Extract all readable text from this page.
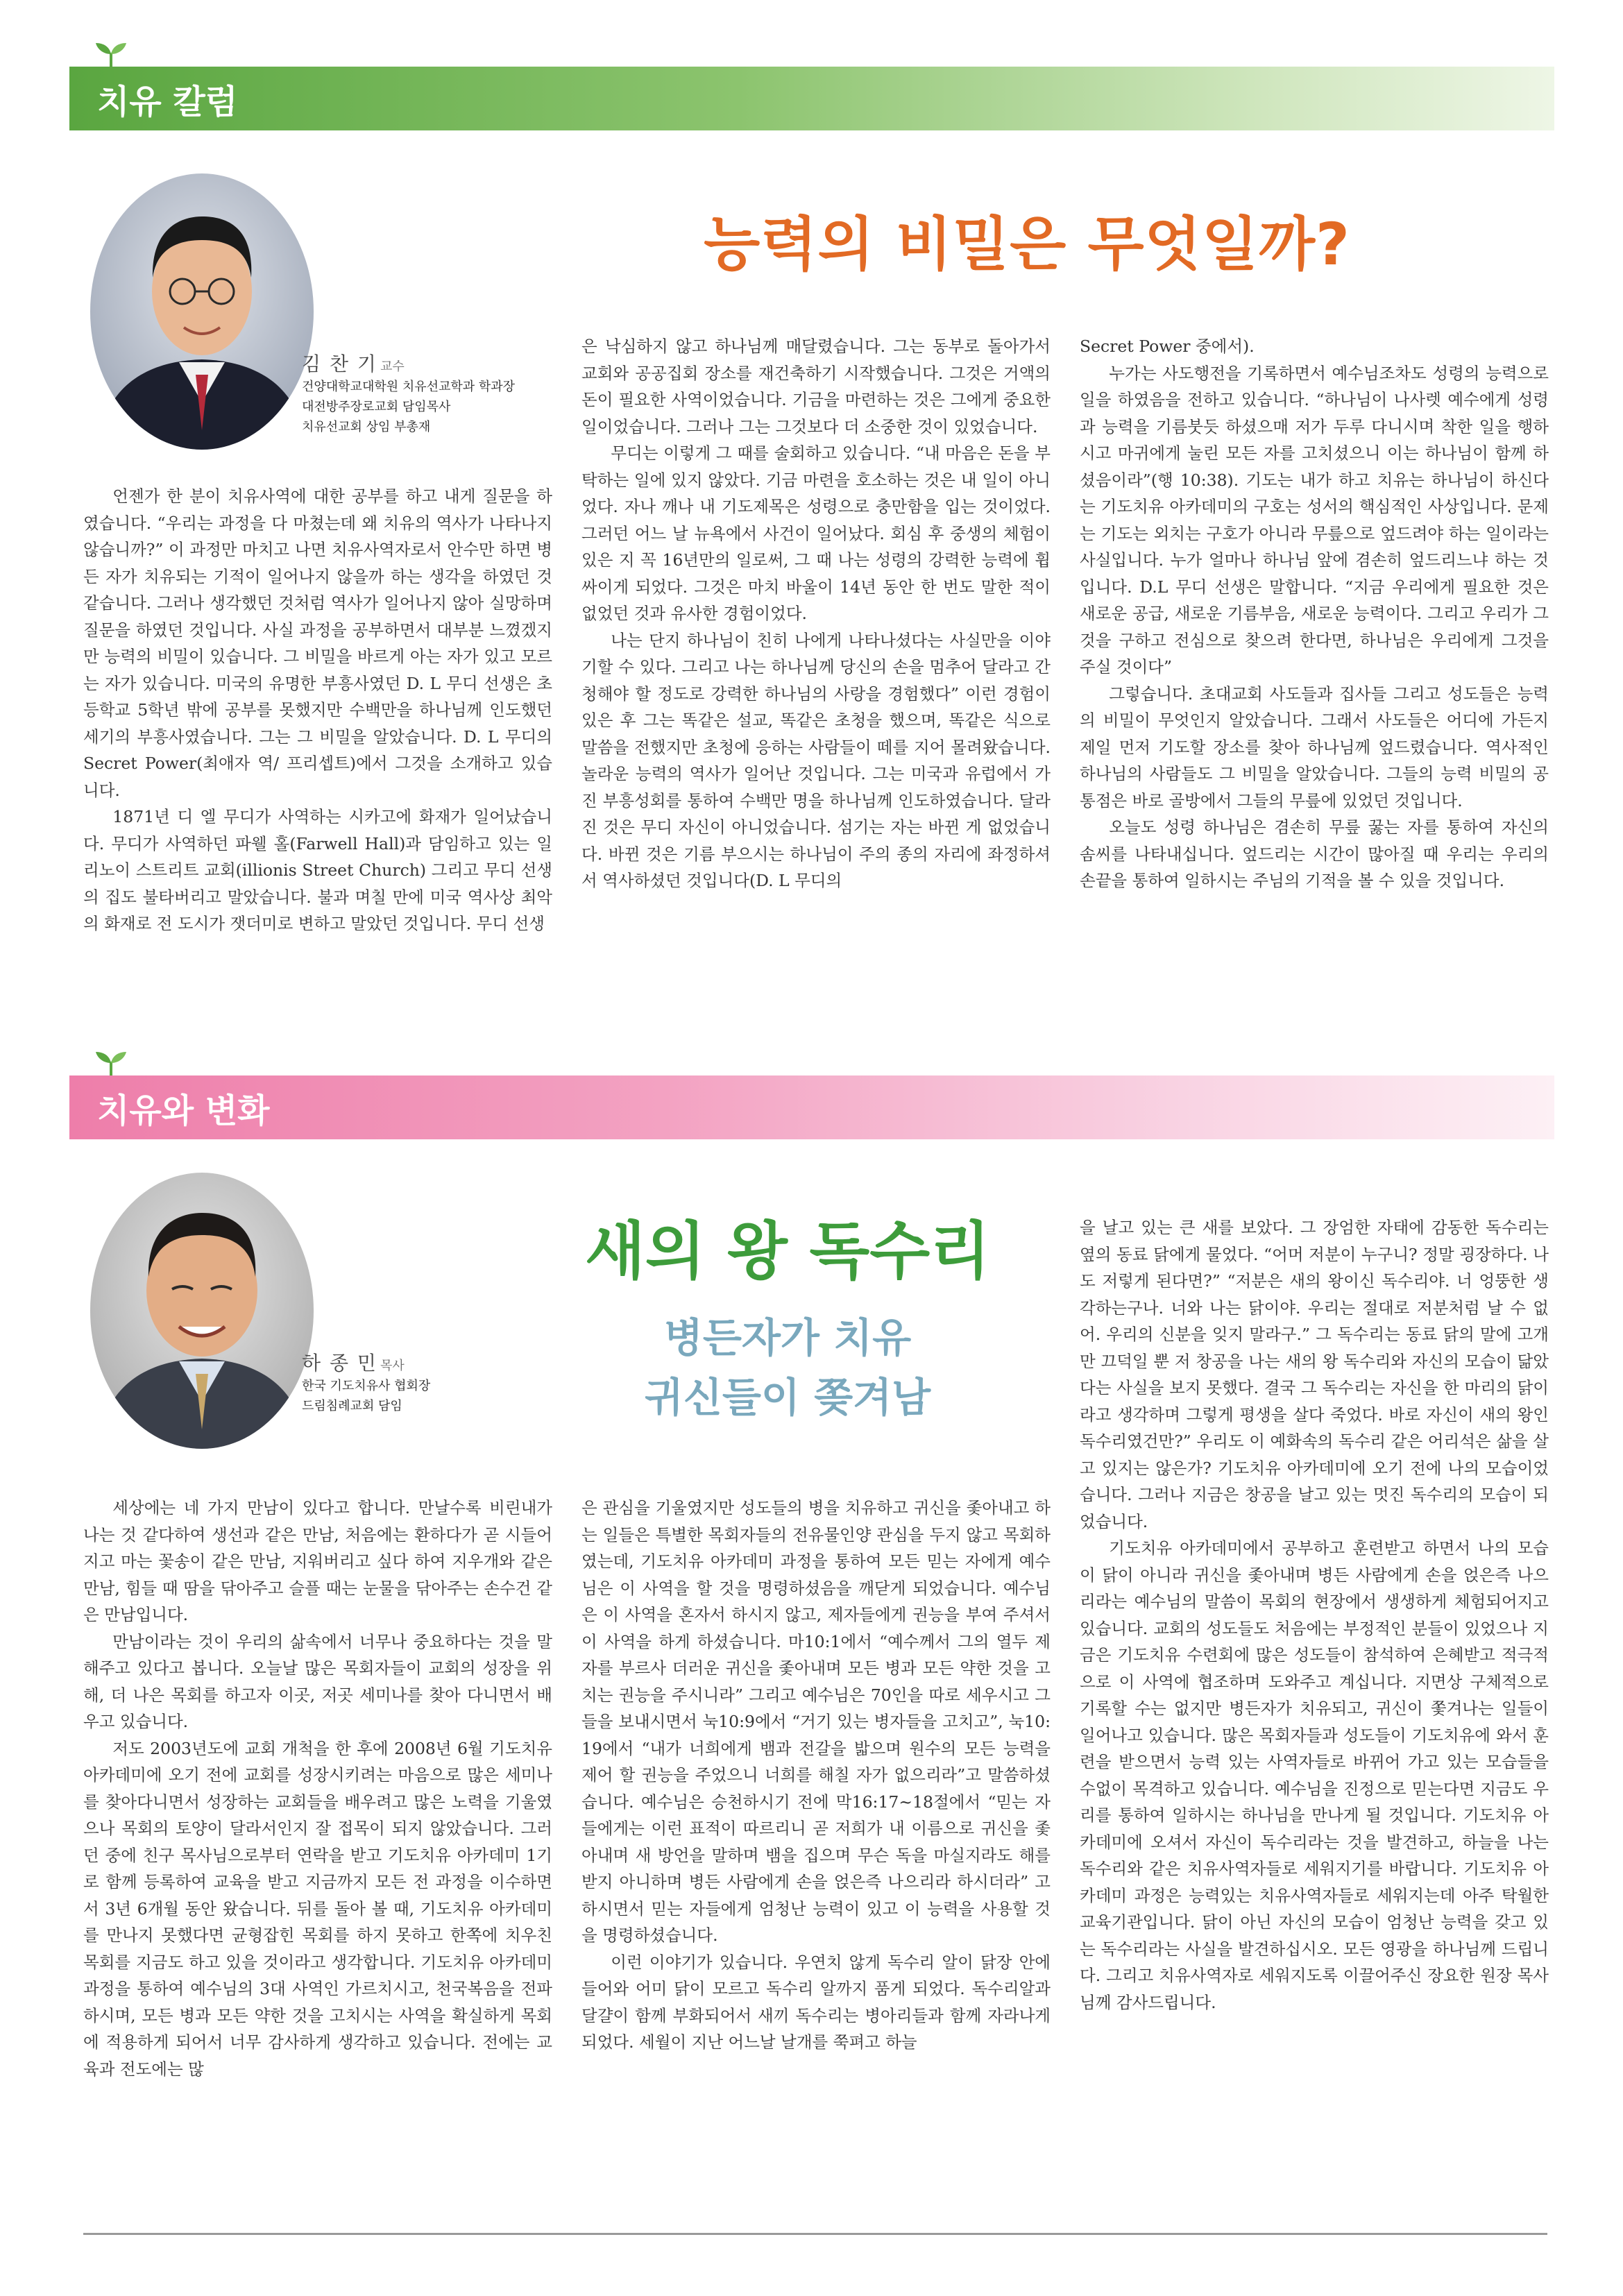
치유 칼럼
김 찬 기 교수
건양대학교대학원 치유선교학과 학과장
대전방주장로교회 담임목사
치유선교회 상임 부총재
능력의 비밀은 무엇일까?

언젠가 한 분이 치유사역에 대한 공부를 하고 내게 질문을 하였습니다. “우리는 과정을 다 마쳤는데 왜 치유의 역사가 나타나지 않습니까?” 이 과정만 마치고 나면 치유사역자로서 안수만 하면 병든 자가 치유되는 기적이 일어나지 않을까 하는 생각을 하였던 것 같습니다. 그러나 생각했던 것처럼 역사가 일어나지 않아 실망하며 질문을 하였던 것입니다. 사실 과정을 공부하면서 대부분 느꼈겠지만 능력의 비밀이 있습니다. 그 비밀을 바르게 아는 자가 있고 모르는 자가 있습니다. 미국의 유명한 부흥사였던 D. L 무디 선생은 초등학교 5학년 밖에 공부를 못했지만 수백만을 하나님께 인도했던 세기의 부흥사였습니다. 그는 그 비밀을 알았습니다. D. L 무디의 Secret Power(최애자 역/ 프리셉트)에서 그것을 소개하고 있습니다.

1871년 디 엘 무디가 사역하는 시카고에 화재가 일어났습니다. 무디가 사역하던 파웰 홀(Farwell Hall)과 담임하고 있는 일리노이 스트리트 교회(illionis Street Church) 그리고 무디 선생의 집도 불타버리고 말았습니다. 불과 며칠 만에 미국 역사상 최악의 화재로 전 도시가 잿더미로 변하고 말았던 것입니다. 무디 선생

은 낙심하지 않고 하나님께 매달렸습니다. 그는 동부로 돌아가서 교회와 공공집회 장소를 재건축하기 시작했습니다. 그것은 거액의 돈이 필요한 사역이었습니다. 기금을 마련하는 것은 그에게 중요한 일이었습니다. 그러나 그는 그것보다 더 소중한 것이 있었습니다.

무디는 이렇게 그 때를 술회하고 있습니다. “내 마음은 돈을 부탁하는 일에 있지 않았다. 기금 마련을 호소하는 것은 내 일이 아니었다. 자나 깨나 내 기도제목은 성령으로 충만함을 입는 것이었다. 그러던 어느 날 뉴욕에서 사건이 일어났다. 회심 후 중생의 체험이 있은 지 꼭 16년만의 일로써, 그 때 나는 성령의 강력한 능력에 휩싸이게 되었다. 그것은 마치 바울이 14년 동안 한 번도 말한 적이 없었던 것과 유사한 경험이었다.

나는 단지 하나님이 친히 나에게 나타나셨다는 사실만을 이야기할 수 있다. 그리고 나는 하나님께 당신의 손을 멈추어 달라고 간청해야 할 정도로 강력한 하나님의 사랑을 경험했다” 이런 경험이 있은 후 그는 똑같은 설교, 똑같은 초청을 했으며, 똑같은 식으로 말씀을 전했지만 초청에 응하는 사람들이 떼를 지어 몰려왔습니다. 놀라운 능력의 역사가 일어난 것입니다. 그는 미국과 유럽에서 가진 부흥성회를 통하여 수백만 명을 하나님께 인도하였습니다. 달라진 것은 무디 자신이 아니었습니다. 섬기는 자는 바뀐 게 없었습니다. 바뀐 것은 기름 부으시는 하나님이 주의 종의 자리에 좌정하셔서 역사하셨던 것입니다(D. L 무디의

Secret Power 중에서).

누가는 사도행전을 기록하면서 예수님조차도 성령의 능력으로 일을 하였음을 전하고 있습니다. “하나님이 나사렛 예수에게 성령과 능력을 기름붓듯 하셨으매 저가 두루 다니시며 착한 일을 행하시고 마귀에게 눌린 모든 자를 고치셨으니 이는 하나님이 함께 하셨음이라”(행 10:38). 기도는 내가 하고 치유는 하나님이 하신다는 기도치유 아카데미의 구호는 성서의 핵심적인 사상입니다. 문제는 기도는 외치는 구호가 아니라 무릎으로 엎드려야 하는 일이라는 사실입니다. 누가 얼마나 하나님 앞에 겸손히 엎드리느냐 하는 것입니다. D.L 무디 선생은 말합니다. “지금 우리에게 필요한 것은 새로운 공급, 새로운 기름부음, 새로운 능력이다. 그리고 우리가 그것을 구하고 전심으로 찾으려 한다면, 하나님은 우리에게 그것을 주실 것이다”

그렇습니다. 초대교회 사도들과 집사들 그리고 성도들은 능력의 비밀이 무엇인지 알았습니다. 그래서 사도들은 어디에 가든지 제일 먼저 기도할 장소를 찾아 하나님께 엎드렸습니다. 역사적인 하나님의 사람들도 그 비밀을 알았습니다. 그들의 능력 비밀의 공통점은 바로 골방에서 그들의 무릎에 있었던 것입니다.

오늘도 성령 하나님은 겸손히 무릎 꿇는 자를 통하여 자신의 솜씨를 나타내십니다. 엎드리는 시간이 많아질 때 우리는 우리의 손끝을 통하여 일하시는 주님의 기적을 볼 수 있을 것입니다.

치유와 변화
하 종 민 목사
한국 기도치유사 협회장
드림침례교회 담임
새의 왕 독수리
병든자가 치유
귀신들이 쫒겨남

세상에는 네 가지 만남이 있다고 합니다. 만날수록 비린내가 나는 것 같다하여 생선과 같은 만남, 처음에는 환하다가 곧 시들어지고 마는 꽃송이 같은 만남, 지워버리고 싶다 하여 지우개와 같은 만남, 힘들 때 땀을 닦아주고 슬플 때는 눈물을 닦아주는 손수건 같은 만남입니다.

만남이라는 것이 우리의 삶속에서 너무나 중요하다는 것을 말해주고 있다고 봅니다. 오늘날 많은 목회자들이 교회의 성장을 위해, 더 나은 목회를 하고자 이곳, 저곳 세미나를 찾아 다니면서 배우고 있습니다.

저도 2003년도에 교회 개척을 한 후에 2008년 6월 기도치유 아카데미에 오기 전에 교회를 성장시키려는 마음으로 많은 세미나를 찾아다니면서 성장하는 교회들을 배우려고 많은 노력을 기울였으나 목회의 토양이 달라서인지 잘 접목이 되지 않았습니다. 그러던 중에 친구 목사님으로부터 연락을 받고 기도치유 아카데미 1기로 함께 등록하여 교육을 받고 지금까지 모든 전 과정을 이수하면서 3년 6개월 동안 왔습니다. 뒤를 돌아 볼 때, 기도치유 아카데미를 만나지 못했다면 균형잡힌 목회를 하지 못하고 한쪽에 치우친 목회를 지금도 하고 있을 것이라고 생각합니다. 기도치유 아카데미 과정을 통하여 예수님의 3대 사역인 가르치시고, 천국복음을 전파하시며, 모든 병과 모든 약한 것을 고치시는 사역을 확실하게 목회에 적용하게 되어서 너무 감사하게 생각하고 있습니다. 전에는 교육과 전도에는 많

은 관심을 기울였지만 성도들의 병을 치유하고 귀신을 좇아내고 하는 일들은 특별한 목회자들의 전유물인양 관심을 두지 않고 목회하였는데, 기도치유 아카데미 과정을 통하여 모든 믿는 자에게 예수님은 이 사역을 할 것을 명령하셨음을 깨닫게 되었습니다. 예수님은 이 사역을 혼자서 하시지 않고, 제자들에게 권능을 부여 주셔서 이 사역을 하게 하셨습니다. 마10:1에서 “예수께서 그의 열두 제자를 부르사 더러운 귀신을 좇아내며 모든 병과 모든 약한 것을 고치는 권능을 주시니라” 그리고 예수님은 70인을 따로 세우시고 그들을 보내시면서 눅10:9에서 “거기 있는 병자들을 고치고”, 눅10:19에서 “내가 너희에게 뱀과 전갈을 밟으며 원수의 모든 능력을 제어 할 권능을 주었으니 너희를 해칠 자가 없으리라”고 말씀하셨습니다. 예수님은 승천하시기 전에 막16:17~18절에서 “믿는 자들에게는 이런 표적이 따르리니 곧 저희가 내 이름으로 귀신을 좇아내며 새 방언을 말하며 뱀을 집으며 무슨 독을 마실지라도 해를 받지 아니하며 병든 사람에게 손을 얹은즉 나으리라 하시더라” 고 하시면서 믿는 자들에게 엄청난 능력이 있고 이 능력을 사용할 것을 명령하셨습니다.

이런 이야기가 있습니다. 우연치 않게 독수리 알이 닭장 안에 들어와 어미 닭이 모르고 독수리 알까지 품게 되었다. 독수리알과 달걀이 함께 부화되어서 새끼 독수리는 병아리들과 함께 자라나게 되었다. 세월이 지난 어느날 날개를 쭉펴고 하늘

을 날고 있는 큰 새를 보았다. 그 장엄한 자태에 감동한 독수리는 옆의 동료 닭에게 물었다. “어머 저분이 누구니? 정말 굉장하다. 나도 저렇게 된다면?” “저분은 새의 왕이신 독수리야. 너 엉뚱한 생각하는구나. 너와 나는 닭이야. 우리는 절대로 저분처럼 날 수 없어. 우리의 신분을 잊지 말라구.” 그 독수리는 동료 닭의 말에 고개만 끄덕일 뿐 저 창공을 나는 새의 왕 독수리와 자신의 모습이 닮았다는 사실을 보지 못했다. 결국 그 독수리는 자신을 한 마리의 닭이라고 생각하며 그렇게 평생을 살다 죽었다. 바로 자신이 새의 왕인 독수리였건만?” 우리도 이 예화속의 독수리 같은 어리석은 삶을 살고 있지는 않은가? 기도치유 아카데미에 오기 전에 나의 모습이었습니다. 그러나 지금은 창공을 날고 있는 멋진 독수리의 모습이 되었습니다.

기도치유 아카데미에서 공부하고 훈련받고 하면서 나의 모습이 닭이 아니라 귀신을 좇아내며 병든 사람에게 손을 얹은즉 나으리라는 예수님의 말씀이 목회의 현장에서 생생하게 체험되어지고 있습니다. 교회의 성도들도 처음에는 부정적인 분들이 있었으나 지금은 기도치유 수련회에 많은 성도들이 참석하여 은혜받고 적극적으로 이 사역에 협조하며 도와주고 계십니다. 지면상 구체적으로 기록할 수는 없지만 병든자가 치유되고, 귀신이 쫓겨나는 일들이 일어나고 있습니다. 많은 목회자들과 성도들이 기도치유에 와서 훈련을 받으면서 능력 있는 사역자들로 바뀌어 가고 있는 모습들을 수없이 목격하고 있습니다. 예수님을 진정으로 믿는다면 지금도 우리를 통하여 일하시는 하나님을 만나게 될 것입니다. 기도치유 아카데미에 오셔서 자신이 독수리라는 것을 발견하고, 하늘을 나는 독수리와 같은 치유사역자들로 세워지기를 바랍니다. 기도치유 아카데미 과정은 능력있는 치유사역자들로 세워지는데 아주 탁월한 교육기관입니다. 닭이 아닌 자신의 모습이 엄청난 능력을 갖고 있는 독수리라는 사실을 발견하십시오. 모든 영광을 하나님께 드립니다. 그리고 치유사역자로 세워지도록 이끌어주신 장요한 원장 목사님께 감사드립니다.
